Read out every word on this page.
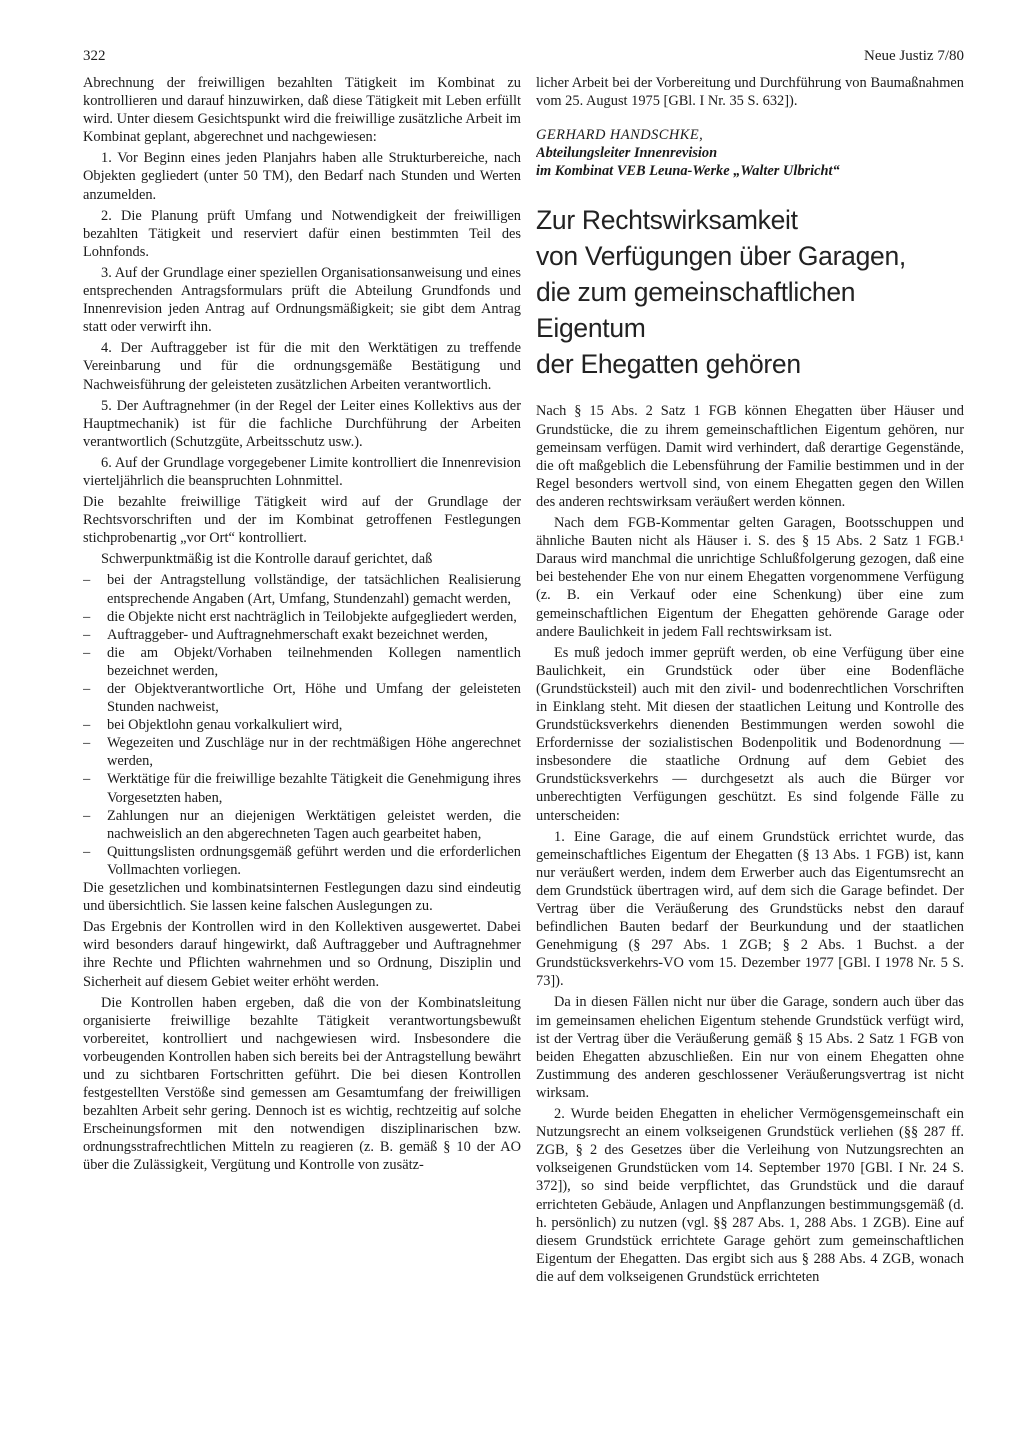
322	Neue Justiz 7/80

Abrechnung der freiwilligen bezahlten Tätigkeit im Kombinat zu kontrollieren und darauf hinzuwirken, daß diese Tätigkeit mit Leben erfüllt wird. Unter diesem Gesichtspunkt wird die freiwillige zusätzliche Arbeit im Kombinat geplant, abgerechnet und nachgewiesen:

1. Vor Beginn eines jeden Planjahrs haben alle Strukturbereiche, nach Objekten gegliedert (unter 50 TM), den Bedarf nach Stunden und Werten anzumelden.

2. Die Planung prüft Umfang und Notwendigkeit der freiwilligen bezahlten Tätigkeit und reserviert dafür einen bestimmten Teil des Lohnfonds.

3. Auf der Grundlage einer speziellen Organisationsanweisung und eines entsprechenden Antragsformulars prüft die Abteilung Grundfonds und Innenrevision jeden Antrag auf Ordnungsmäßigkeit; sie gibt dem Antrag statt oder verwirft ihn.

4. Der Auftraggeber ist für die mit den Werktätigen zu treffende Vereinbarung und für die ordnungsgemäße Bestätigung und Nachweisführung der geleisteten zusätzlichen Arbeiten verantwortlich.

5. Der Auftragnehmer (in der Regel der Leiter eines Kollektivs aus der Hauptmechanik) ist für die fachliche Durchführung der Arbeiten verantwortlich (Schutzgüte, Arbeitsschutz usw.).

6. Auf der Grundlage vorgegebener Limite kontrolliert die Innenrevision vierteljährlich die beanspruchten Lohnmittel.

Die bezahlte freiwillige Tätigkeit wird auf der Grundlage der Rechtsvorschriften und der im Kombinat getroffenen Festlegungen stichprobenartig „vor Ort“ kontrolliert.

Schwerpunktmäßig ist die Kontrolle darauf gerichtet, daß

–	bei der Antragstellung vollständige, der tatsächlichen Realisierung entsprechende Angaben (Art, Umfang, Stundenzahl) gemacht werden,
–	die Objekte nicht erst nachträglich in Teilobjekte aufgegliedert werden,
–	Auftraggeber- und Auftragnehmerschaft exakt bezeichnet werden,
–	die am Objekt/Vorhaben teilnehmenden Kollegen namentlich bezeichnet werden,
–	der Objektverantwortliche Ort, Höhe und Umfang der geleisteten Stunden nachweist,
–	bei Objektlohn genau vorkalkuliert wird,
–	Wegezeiten und Zuschläge nur in der rechtmäßigen Höhe angerechnet werden,
–	Werktätige für die freiwillige bezahlte Tätigkeit die Genehmigung ihres Vorgesetzten haben,
–	Zahlungen nur an diejenigen Werktätigen geleistet werden, die nachweislich an den abgerechneten Tagen auch gearbeitet haben,
–	Quittungslisten ordnungsgemäß geführt werden und die erforderlichen Vollmachten vorliegen.

Die gesetzlichen und kombinatsinternen Festlegungen dazu sind eindeutig und übersichtlich. Sie lassen keine falschen Auslegungen zu.

Das Ergebnis der Kontrollen wird in den Kollektiven ausgewertet. Dabei wird besonders darauf hingewirkt, daß Auftraggeber und Auftragnehmer ihre Rechte und Pflichten wahrnehmen und so Ordnung, Disziplin und Sicherheit auf diesem Gebiet weiter erhöht werden.

Die Kontrollen haben ergeben, daß die von der Kombinatsleitung organisierte freiwillige bezahlte Tätigkeit verantwortungsbewußt vorbereitet, kontrolliert und nachgewiesen wird. Insbesondere die vorbeugenden Kontrollen haben sich bereits bei der Antragstellung bewährt und zu sichtbaren Fortschritten geführt. Die bei diesen Kontrollen festgestellten Verstöße sind gemessen am Gesamtumfang der freiwilligen bezahlten Arbeit sehr gering. Dennoch ist es wichtig, rechtzeitig auf solche Erscheinungsformen mit den notwendigen disziplinarischen bzw. ordnungsstrafrechtlichen Mitteln zu reagieren (z. B. gemäß § 10 der AO über die Zulässigkeit, Vergütung und Kontrolle von zusätz-

licher Arbeit bei der Vorbereitung und Durchführung von Baumaßnahmen vom 25. August 1975 [GBl. I Nr. 35 S. 632]).

GERHARD HANDSCHKE,
Abteilungsleiter Innenrevision
im Kombinat VEB Leuna-Werke „Walter Ulbricht“
Zur Rechtswirksamkeit
von Verfügungen über Garagen,
die zum gemeinschaftlichen Eigentum
der Ehegatten gehören

Nach § 15 Abs. 2 Satz 1 FGB können Ehegatten über Häuser und Grundstücke, die zu ihrem gemeinschaftlichen Eigentum gehören, nur gemeinsam verfügen. Damit wird verhindert, daß derartige Gegenstände, die oft maßgeblich die Lebensführung der Familie bestimmen und in der Regel besonders wertvoll sind, von einem Ehegatten gegen den Willen des anderen rechtswirksam veräußert werden können.

Nach dem FGB-Kommentar gelten Garagen, Bootsschuppen und ähnliche Bauten nicht als Häuser i. S. des § 15 Abs. 2 Satz 1 FGB.¹ Daraus wird manchmal die unrichtige Schlußfolgerung gezogen, daß eine bei bestehender Ehe von nur einem Ehegatten vorgenommene Verfügung (z. B. ein Verkauf oder eine Schenkung) über eine zum gemeinschaftlichen Eigentum der Ehegatten gehörende Garage oder andere Baulichkeit in jedem Fall rechtswirksam ist.

Es muß jedoch immer geprüft werden, ob eine Verfügung über eine Baulichkeit, ein Grundstück oder über eine Bodenfläche (Grundstücksteil) auch mit den zivil- und bodenrechtlichen Vorschriften in Einklang steht. Mit diesen der staatlichen Leitung und Kontrolle des Grundstücksverkehrs dienenden Bestimmungen werden sowohl die Erfordernisse der sozialistischen Bodenpolitik und Bodenordnung — insbesondere die staatliche Ordnung auf dem Gebiet des Grundstücksverkehrs — durchgesetzt als auch die Bürger vor unberechtigten Verfügungen geschützt. Es sind folgende Fälle zu unterscheiden:

1. Eine Garage, die auf einem Grundstück errichtet wurde, das gemeinschaftliches Eigentum der Ehegatten (§ 13 Abs. 1 FGB) ist, kann nur veräußert werden, indem dem Erwerber auch das Eigentumsrecht an dem Grundstück übertragen wird, auf dem sich die Garage befindet. Der Vertrag über die Veräußerung des Grundstücks nebst den darauf befindlichen Bauten bedarf der Beurkundung und der staatlichen Genehmigung (§ 297 Abs. 1 ZGB; § 2 Abs. 1 Buchst. a der Grundstücksverkehrs-VO vom 15. Dezember 1977 [GBl. I 1978 Nr. 5 S. 73]).

Da in diesen Fällen nicht nur über die Garage, sondern auch über das im gemeinsamen ehelichen Eigentum stehende Grundstück verfügt wird, ist der Vertrag über die Veräußerung gemäß § 15 Abs. 2 Satz 1 FGB von beiden Ehegatten abzuschließen. Ein nur von einem Ehegatten ohne Zustimmung des anderen geschlossener Veräußerungsvertrag ist nicht wirksam.

2. Wurde beiden Ehegatten in ehelicher Vermögensgemeinschaft ein Nutzungsrecht an einem volkseigenen Grundstück verliehen (§§ 287 ff. ZGB, § 2 des Gesetzes über die Verleihung von Nutzungsrechten an volkseigenen Grundstücken vom 14. September 1970 [GBl. I Nr. 24 S. 372]), so sind beide verpflichtet, das Grundstück und die darauf errichteten Gebäude, Anlagen und Anpflanzungen bestimmungsgemäß (d. h. persönlich) zu nutzen (vgl. §§ 287 Abs. 1, 288 Abs. 1 ZGB). Eine auf diesem Grundstück errichtete Garage gehört zum gemeinschaftlichen Eigentum der Ehegatten. Das ergibt sich aus § 288 Abs. 4 ZGB, wonach die auf dem volkseigenen Grundstück errichteten
